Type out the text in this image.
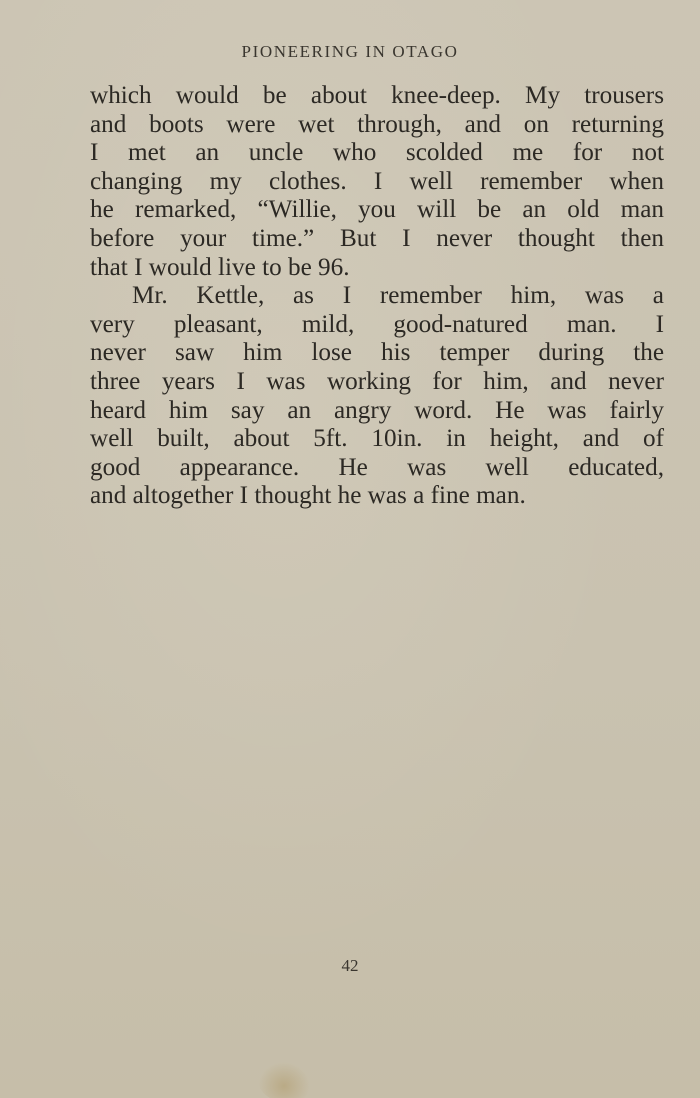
PIONEERING IN OTAGO
which would be about knee-deep. My trousers
and boots were wet through, and on returning
I met an uncle who scolded me for not
changing my clothes. I well remember when
he remarked, “Willie, you will be an old man
before your time.” But I never thought then
that I would live to be 96.
Mr. Kettle, as I remember him, was a
very pleasant, mild, good-natured man. I
never saw him lose his temper during the
three years I was working for him, and never
heard him say an angry word. He was fairly
well built, about 5ft. 10in. in height, and of
good appearance. He was well educated,
and altogether I thought he was a fine man.
42
